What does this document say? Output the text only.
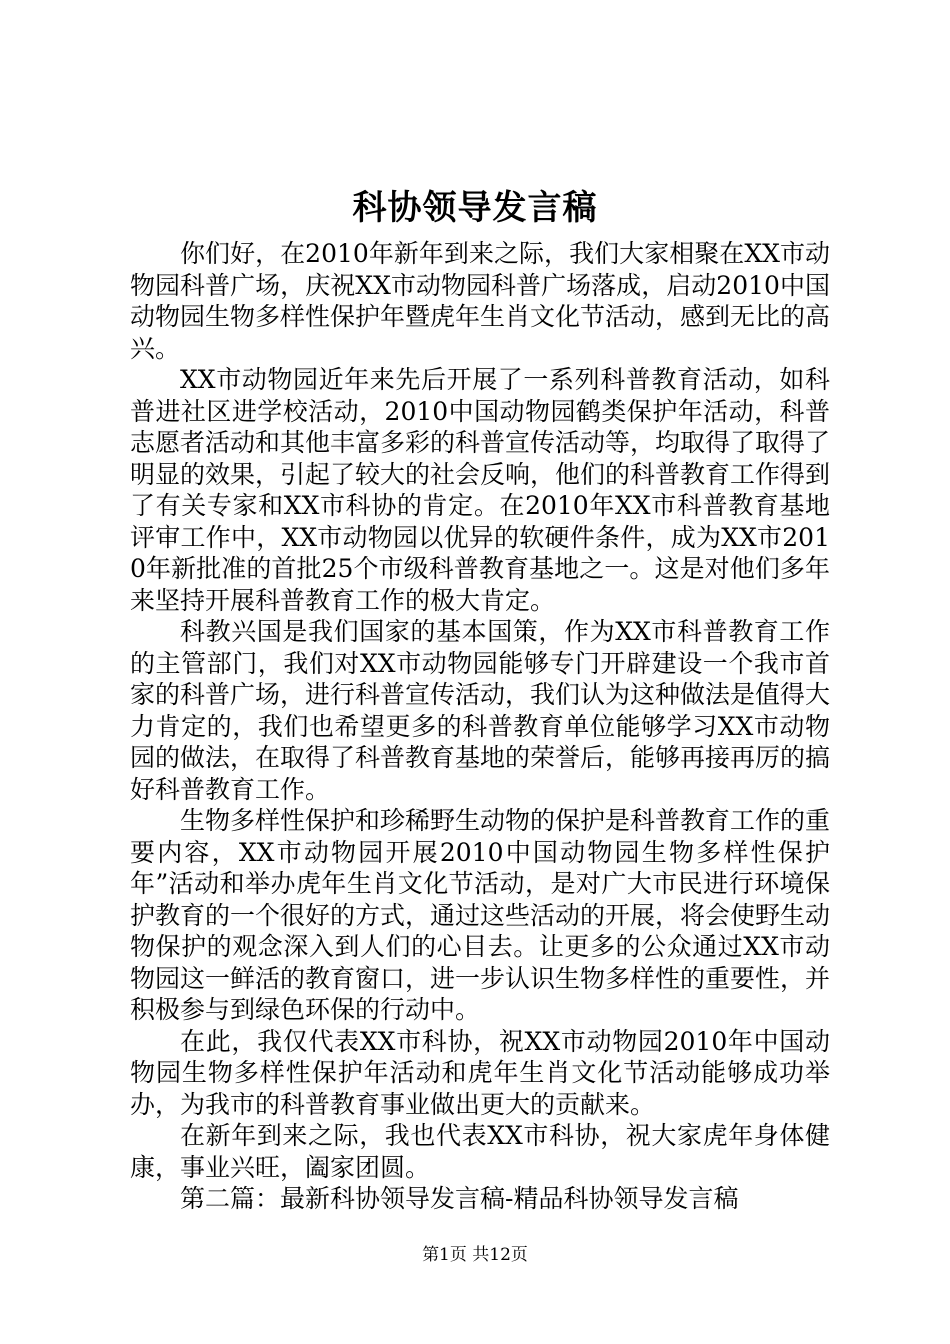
科协领导发言稿

你们好，在2010年新年到来之际，我们大家相聚在XX市动物园科普广场，庆祝XX市动物园科普广场落成，启动2010中国动物园生物多样性保护年暨虎年生肖文化节活动，感到无比的高兴。

XX市动物园近年来先后开展了一系列科普教育活动，如科普进社区进学校活动，2010中国动物园鹤类保护年活动，科普志愿者活动和其他丰富多彩的科普宣传活动等，均取得了取得了明显的效果，引起了较大的社会反响，他们的科普教育工作得到了有关专家和XX市科协的肯定。在2010年XX市科普教育基地评审工作中，XX市动物园以优异的软硬件条件，成为XX市2010年新批准的首批25个市级科普教育基地之一。这是对他们多年来坚持开展科普教育工作的极大肯定。

科教兴国是我们国家的基本国策，作为XX市科普教育工作的主管部门，我们对XX市动物园能够专门开辟建设一个我市首家的科普广场，进行科普宣传活动，我们认为这种做法是值得大力肯定的，我们也希望更多的科普教育单位能够学习XX市动物园的做法，在取得了科普教育基地的荣誉后，能够再接再厉的搞好科普教育工作。

生物多样性保护和珍稀野生动物的保护是科普教育工作的重要内容，XX市动物园开展2010中国动物园生物多样性保护年”活动和举办虎年生肖文化节活动，是对广大市民进行环境保护教育的一个很好的方式，通过这些活动的开展，将会使野生动物保护的观念深入到人们的心目去。让更多的公众通过XX市动物园这一鲜活的教育窗口，进一步认识生物多样性的重要性，并积极参与到绿色环保的行动中。

在此，我仅代表XX市科协，祝XX市动物园2010年中国动物园生物多样性保护年活动和虎年生肖文化节活动能够成功举办，为我市的科普教育事业做出更大的贡献来。

在新年到来之际，我也代表XX市科协，祝大家虎年身体健康，事业兴旺，阖家团圆。

第二篇：最新科协领导发言稿-精品科协领导发言稿

第1页 共12页
